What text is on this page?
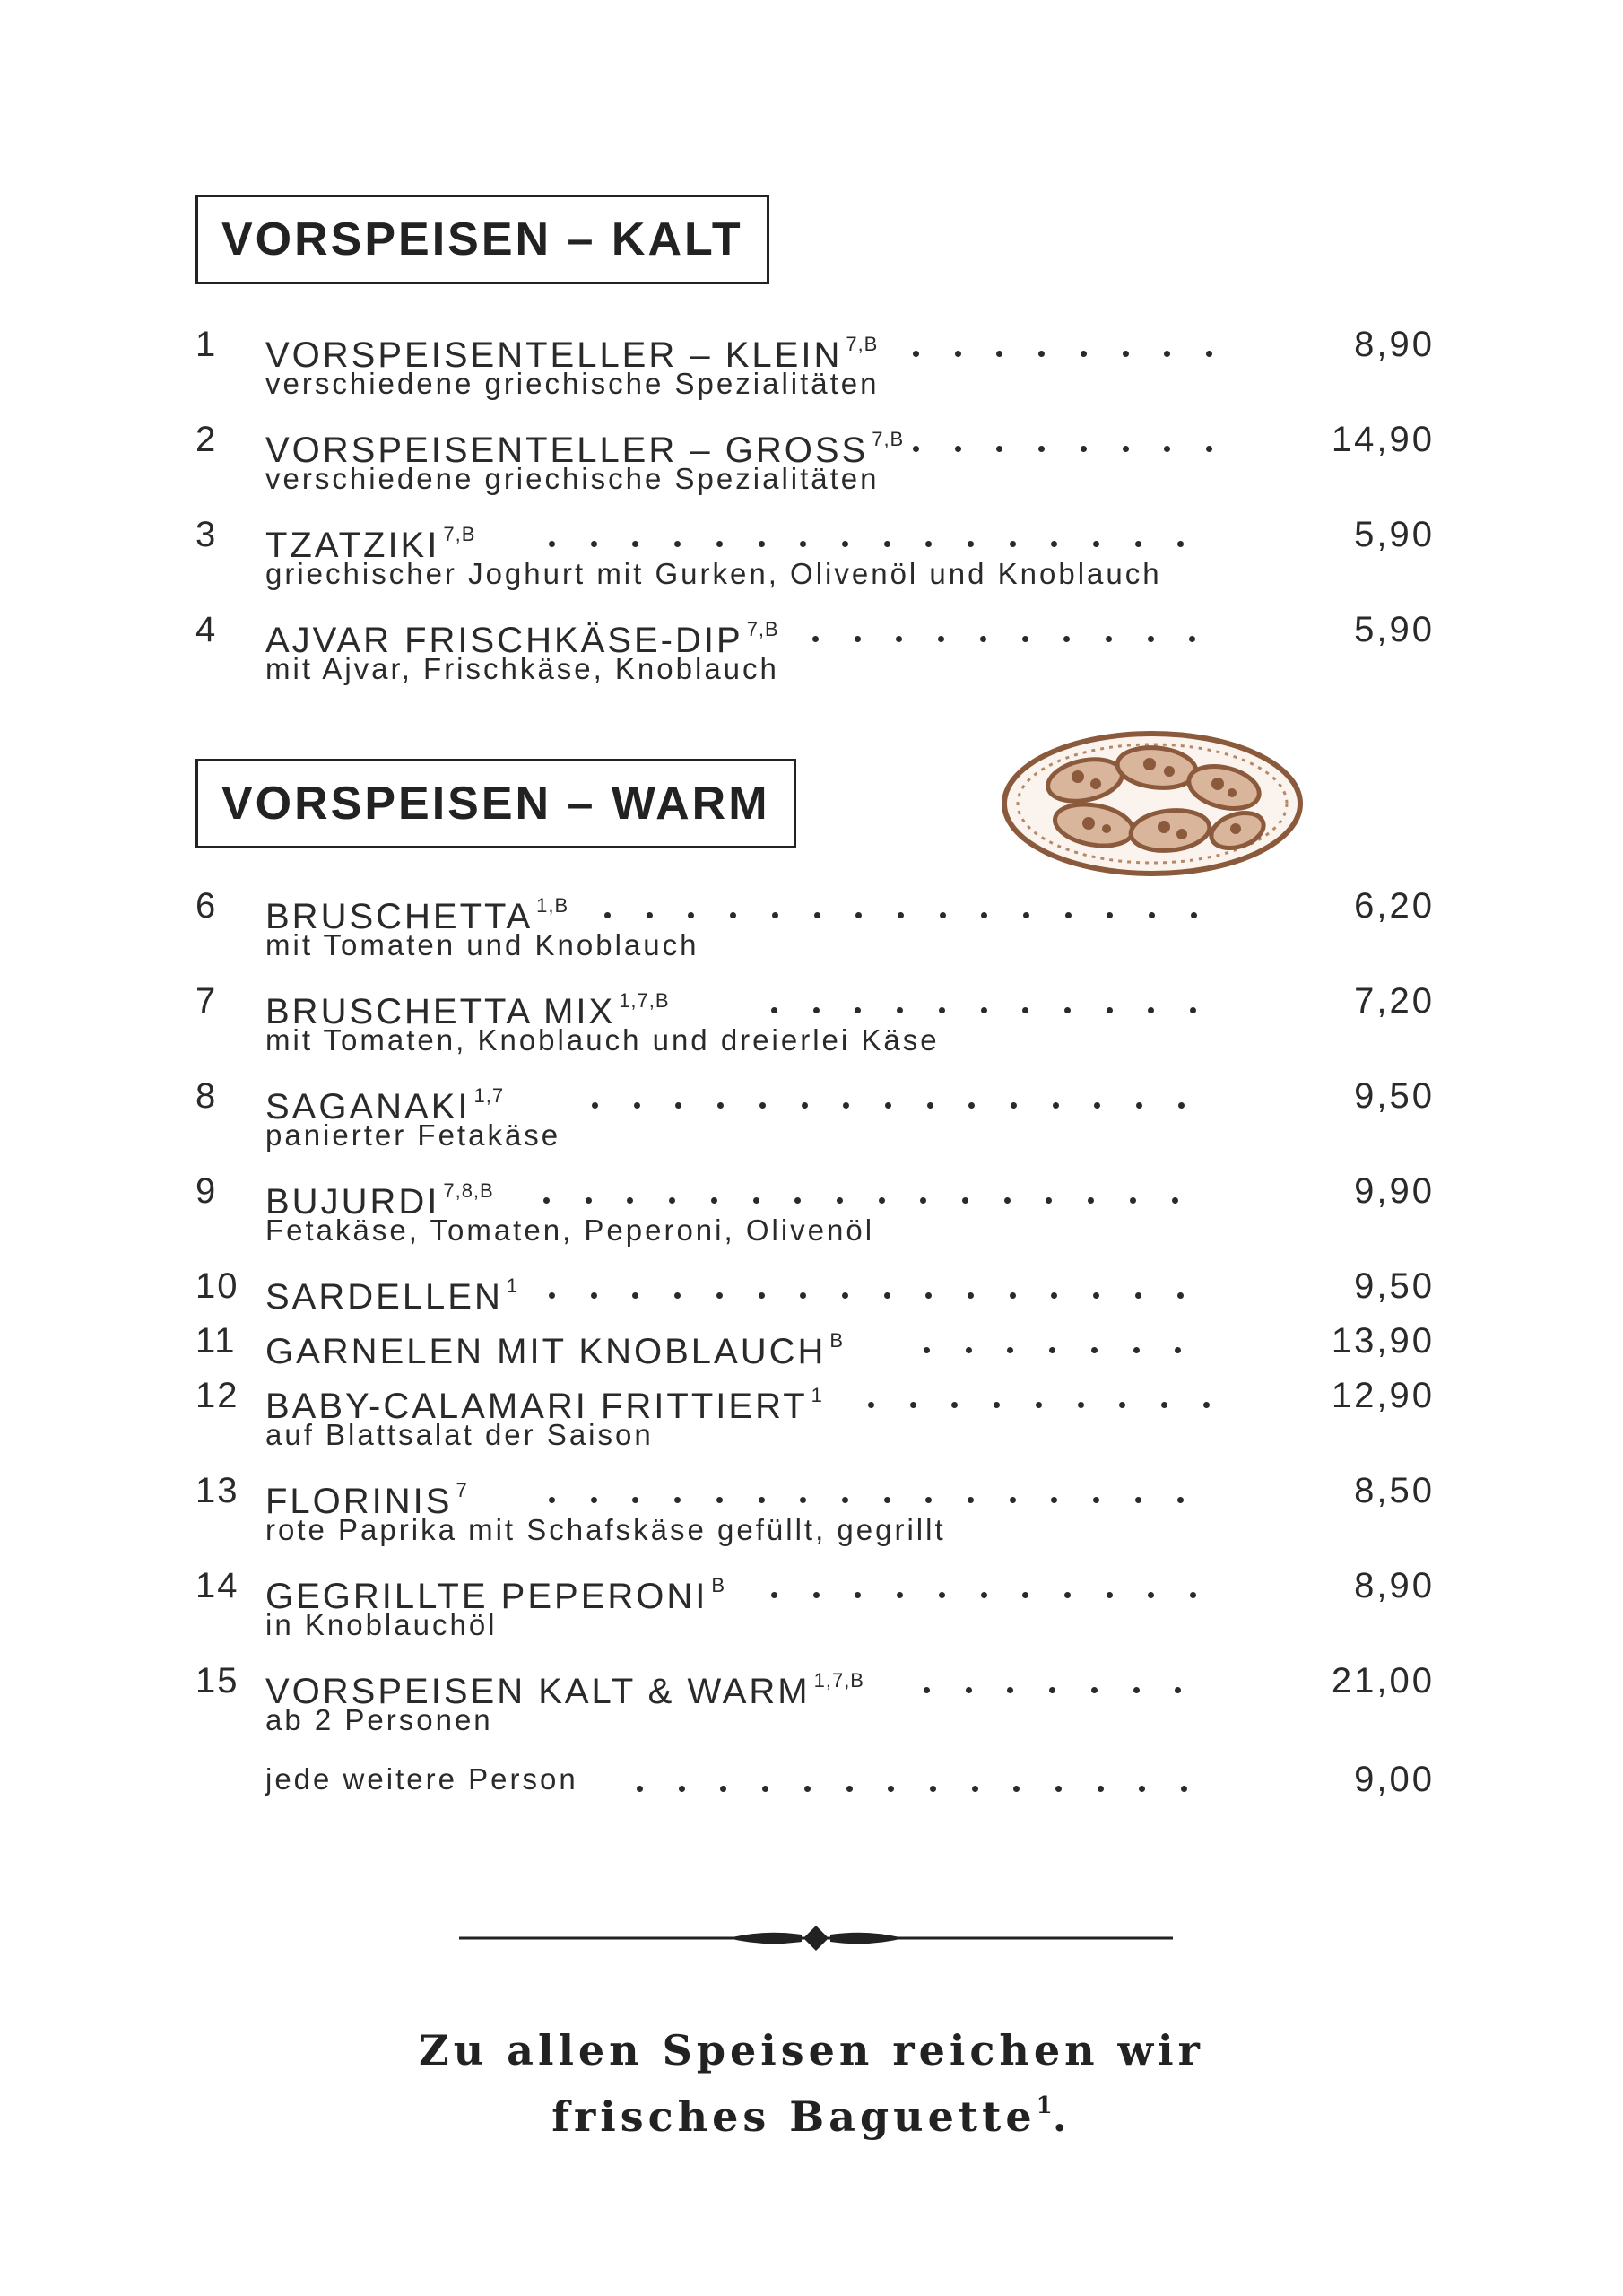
VORSPEISEN – KALT
1	VORSPEISENTELLER – KLEIN $^{7,B}$	8,90
verschiedene griechische Spezialitäten
2	VORSPEISENTELLER – GROSS $^{7,B}$	14,90
verschiedene griechische Spezialitäten
3	TZATZIKI $^{7,B}$	5,90
griechischer Joghurt mit Gurken, Olivenöl und Knoblauch
4	AJVAR FRISCHKÄSE-DIP $^{7,B}$	5,90
mit Ajvar, Frischkäse, Knoblauch
VORSPEISEN – WARM
6	BRUSCHETTA $^{1,B}$	6,20
mit Tomaten und Knoblauch
7	BRUSCHETTA MIX $^{1,7,B}$	7,20
mit Tomaten, Knoblauch und dreierlei Käse
8	SAGANAKI $^{1,7}$	9,50
panierter Fetakäse
9	BUJURDI $^{7,8,B}$	9,90
Fetakäse, Tomaten, Peperoni, Olivenöl
10 SARDELLEN $^1$	9,50
11 GARNELEN MIT KNOBLAUCH $^B$	13,90
12 BABY-CALAMARI FRITTIERT $^1$	12,90
auf Blattsalat der Saison
13 FLORINIS $^7$	8,50
rote Paprika mit Schafskäse gefüllt, gegrillt
14 GEGRILLTE PEPERONI $^B$	8,90
in Knoblauchöl
15 VORSPEISEN KALT & WARM $^{1,7,B}$	21,00
ab 2 Personen
jede weitere Person	9,00
Zu allen Speisen reichen wir
frisches Baguette$^1$.
